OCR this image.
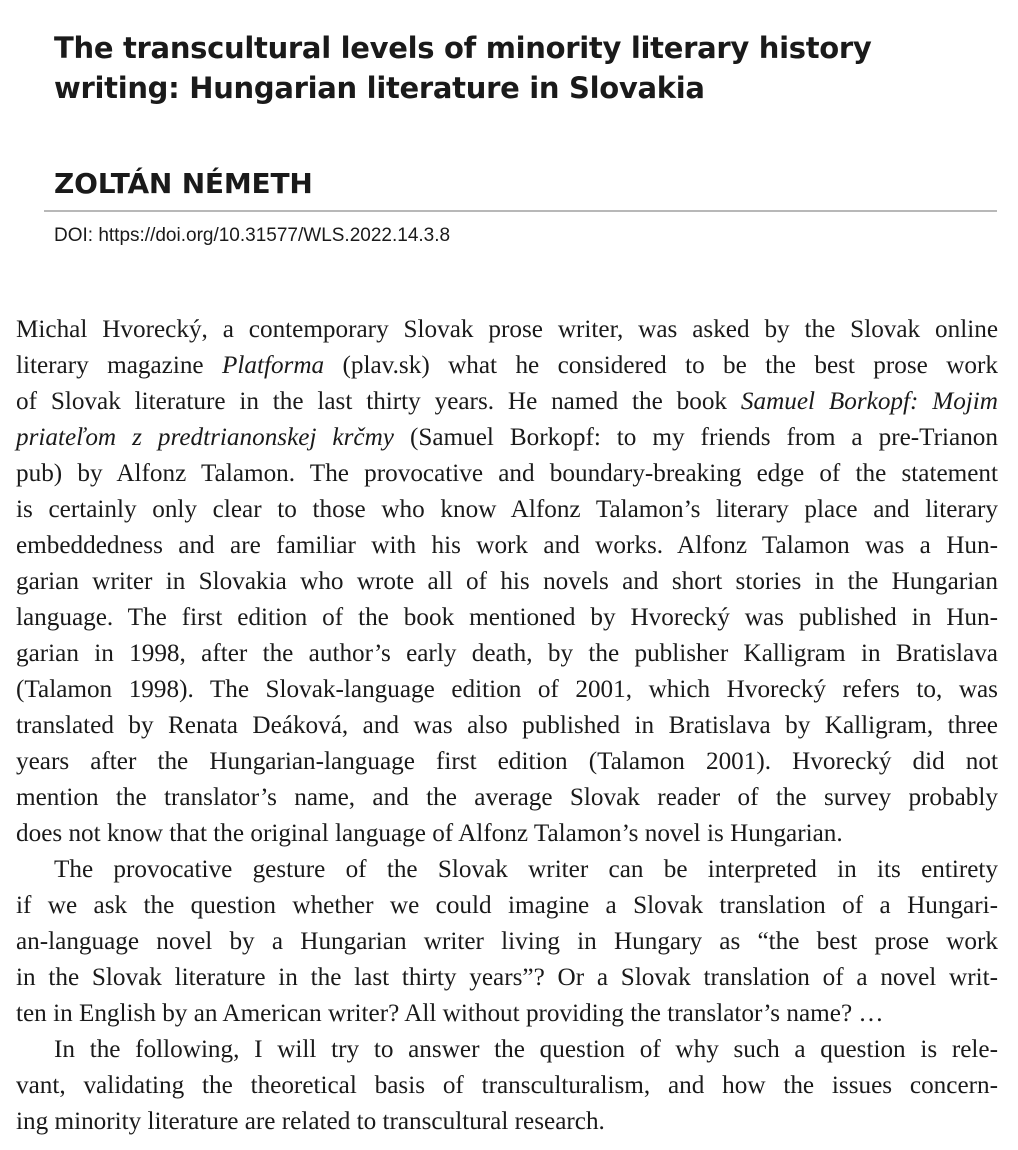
The transcultural levels of minority literary history
writing: Hungarian literature in Slovakia
ZOLTÁN NÉMETH
DOI: https://doi.org/10.31577/WLS.2022.14.3.8
Michal Hvorecký, a contemporary Slovak prose writer, was asked by the Slovak online
literary magazine Platforma (plav.sk) what he considered to be the best prose work
of Slovak literature in the last thirty years. He named the book Samuel Borkopf: Mojim
priateľom z predtrianonskej krčmy (Samuel Borkopf: to my friends from a pre-Trianon
pub) by Alfonz Talamon. The provocative and boundary-breaking edge of the statement
is certainly only clear to those who know Alfonz Talamon’s literary place and literary
embeddedness and are familiar with his work and works. Alfonz Talamon was a Hun-
garian writer in Slovakia who wrote all of his novels and short stories in the Hungarian
language. The first edition of the book mentioned by Hvorecký was published in Hun-
garian in 1998, after the author’s early death, by the publisher Kalligram in Bratislava
(Talamon 1998). The Slovak-language edition of 2001, which Hvorecký refers to, was
translated by Renata Deáková, and was also published in Bratislava by Kalligram, three
years after the Hungarian-language first edition (Talamon 2001). Hvorecký did not
mention the translator’s name, and the average Slovak reader of the survey probably
does not know that the original language of Alfonz Talamon’s novel is Hungarian.
The provocative gesture of the Slovak writer can be interpreted in its entirety
if we ask the question whether we could imagine a Slovak translation of a Hungari-
an-language novel by a Hungarian writer living in Hungary as “the best prose work
in the Slovak literature in the last thirty years”? Or a Slovak translation of a novel writ-
ten in English by an American writer? All without providing the translator’s name? …
In the following, I will try to answer the question of why such a question is rele-
vant, validating the theoretical basis of transculturalism, and how the issues concern-
ing minority literature are related to transcultural research.
